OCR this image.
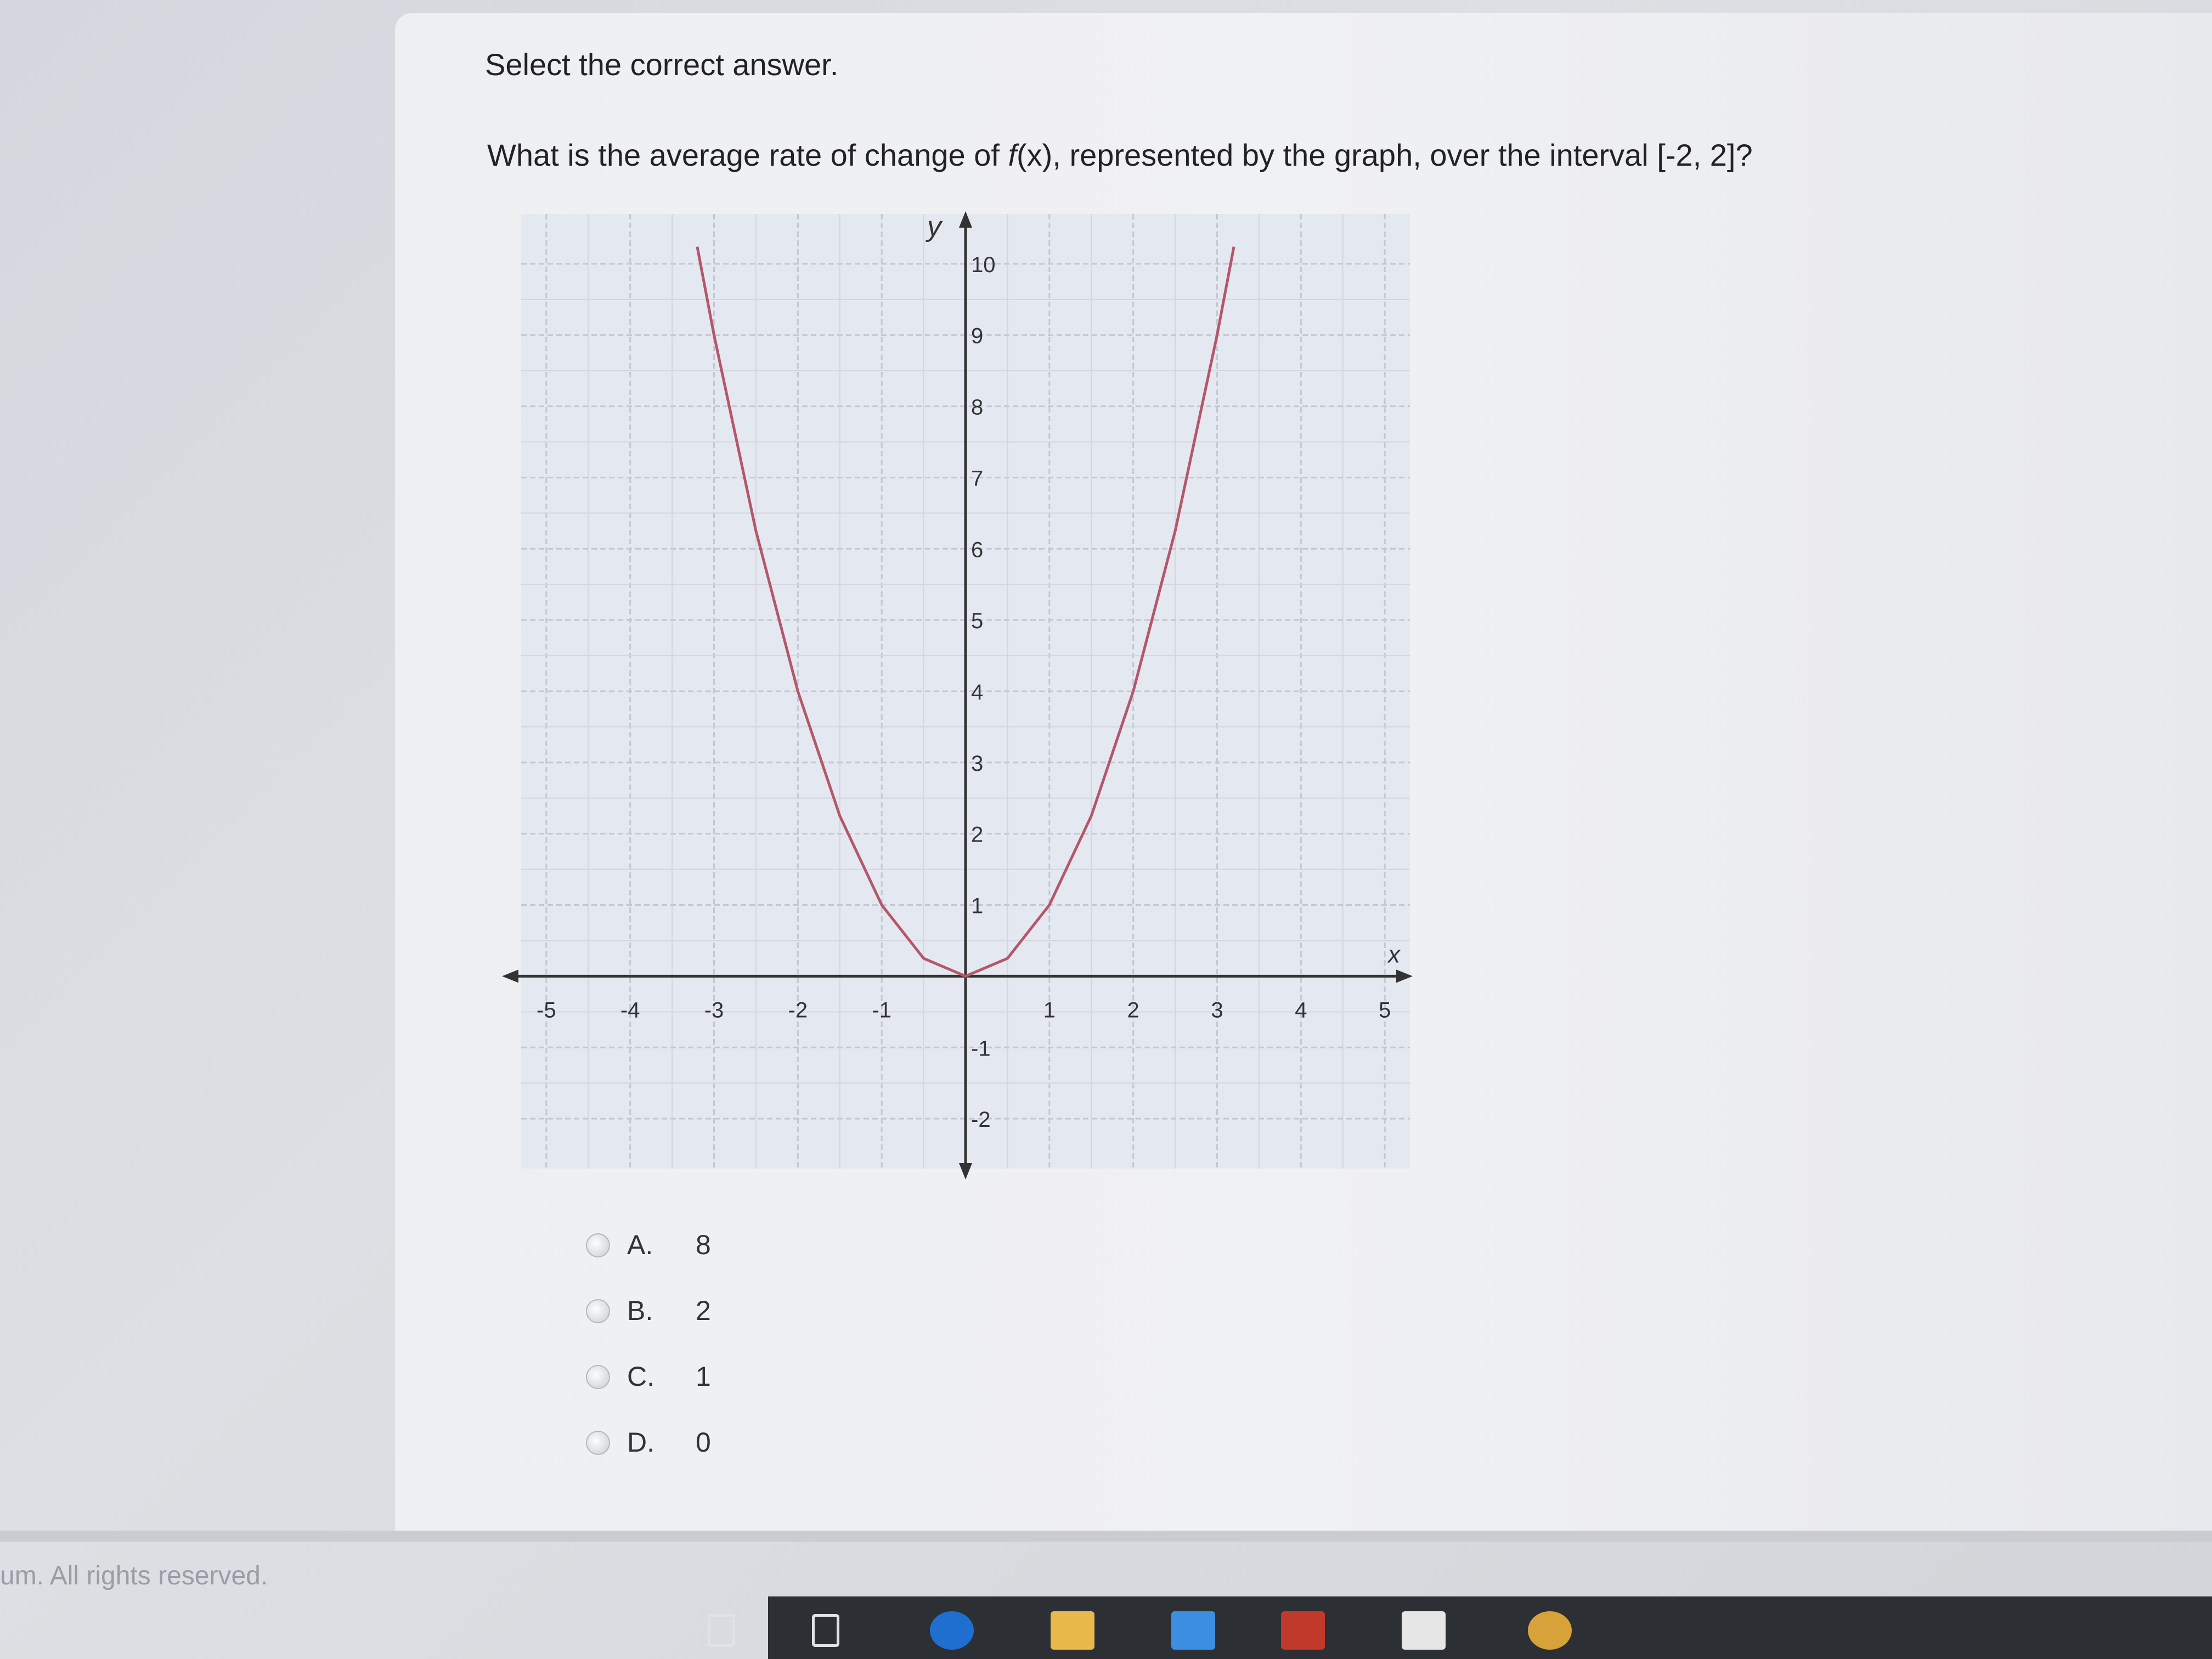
Select the correct answer.
What is the average rate of change of f(x), represented by the graph, over the interval [-2, 2]?
x
y
-5	-4	-3	-2	-1	1	2	3	4	5
-2
-1
1
2
3
4
5
6
7
8
9
10
A. 8
B. 2
C. 1
D. 0
um. All rights reserved.
